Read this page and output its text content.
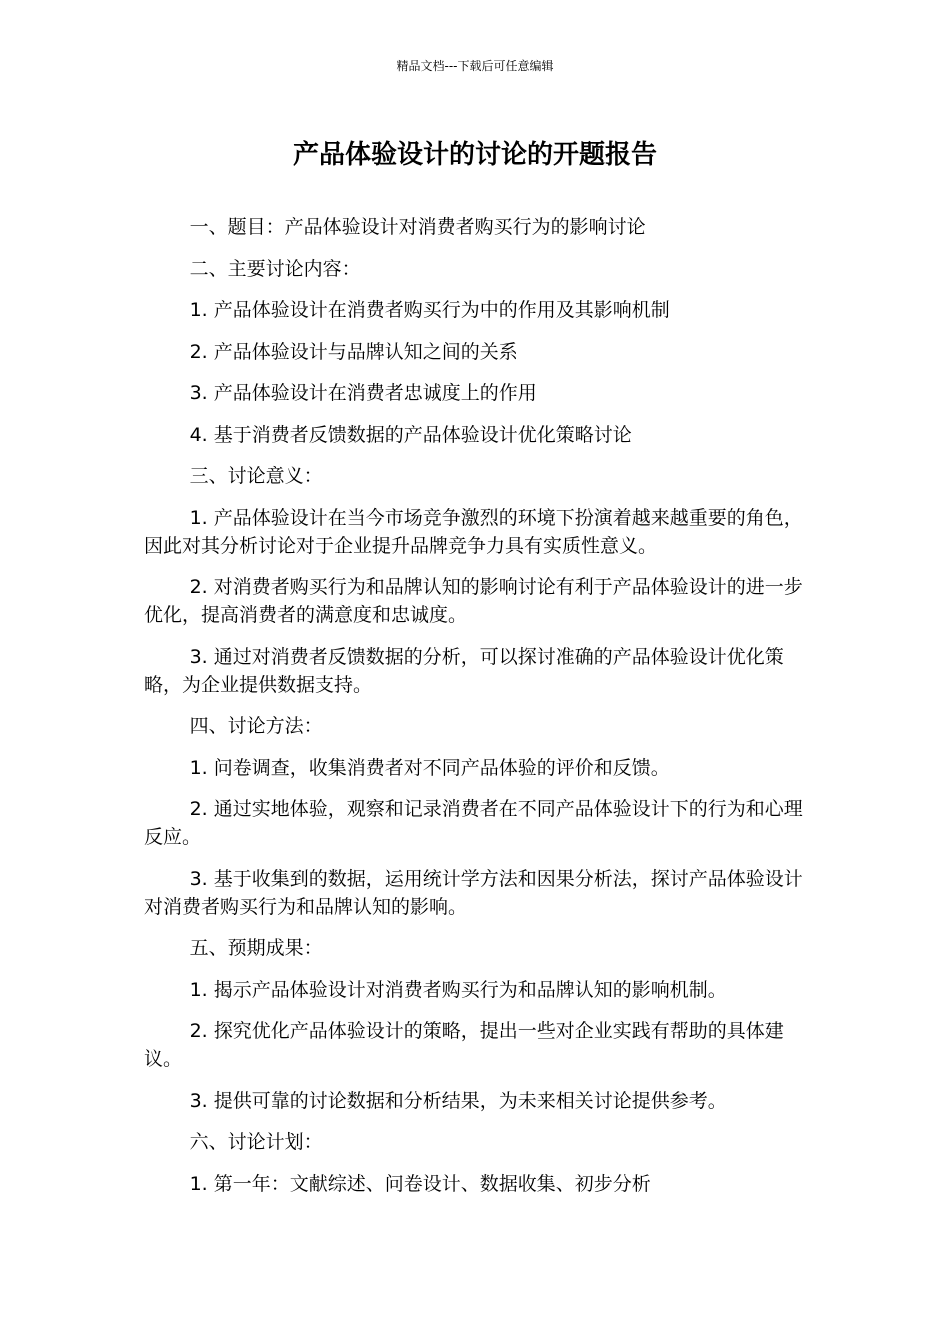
精品文档---下载后可任意编辑
产品体验设计的讨论的开题报告

一、题目：产品体验设计对消费者购买行为的影响讨论

二、主要讨论内容：

1. 产品体验设计在消费者购买行为中的作用及其影响机制

2. 产品体验设计与品牌认知之间的关系

3. 产品体验设计在消费者忠诚度上的作用

4. 基于消费者反馈数据的产品体验设计优化策略讨论

三、讨论意义：

1. 产品体验设计在当今市场竞争激烈的环境下扮演着越来越重要的角色，因此对其分析讨论对于企业提升品牌竞争力具有实质性意义。

2. 对消费者购买行为和品牌认知的影响讨论有利于产品体验设计的进一步优化，提高消费者的满意度和忠诚度。

3. 通过对消费者反馈数据的分析，可以探讨准确的产品体验设计优化策略，为企业提供数据支持。

四、讨论方法：

1. 问卷调查，收集消费者对不同产品体验的评价和反馈。

2. 通过实地体验，观察和记录消费者在不同产品体验设计下的行为和心理反应。

3. 基于收集到的数据，运用统计学方法和因果分析法，探讨产品体验设计对消费者购买行为和品牌认知的影响。

五、预期成果：

1. 揭示产品体验设计对消费者购买行为和品牌认知的影响机制。

2. 探究优化产品体验设计的策略，提出一些对企业实践有帮助的具体建议。

3. 提供可靠的讨论数据和分析结果，为未来相关讨论提供参考。

六、讨论计划：

1. 第一年：文献综述、问卷设计、数据收集、初步分析
